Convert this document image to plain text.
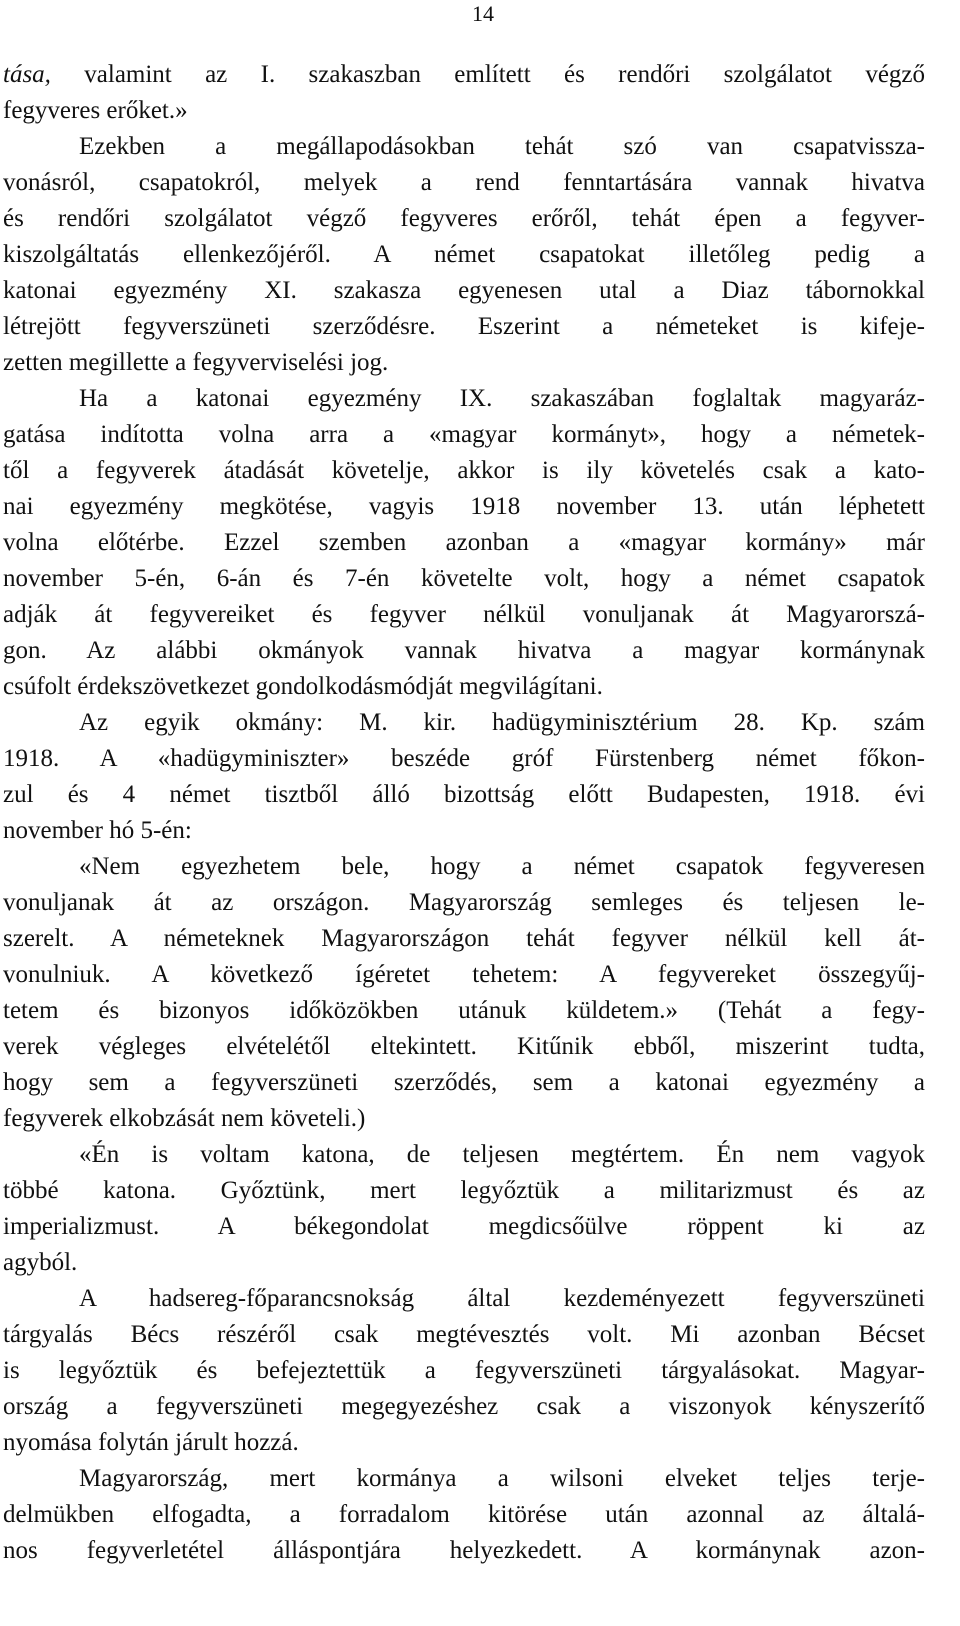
14
tása, valamint az I. szakaszban említett és rendőri szolgálatot végző
fegyveres erőket.»
Ezekben a megállapodásokban tehát szó van csapatvissza-
vonásról, csapatokról, melyek a rend fenntartására vannak hivatva
és rendőri szolgálatot végző fegyveres erőről, tehát épen a fegyver-
kiszolgáltatás ellenkezőjéről. A német csapatokat illetőleg pedig a
katonai egyezmény XI. szakasza egyenesen utal a Diaz tábornokkal
létrejött fegyverszüneti szerződésre. Eszerint a németeket is kifeje-
zetten megillette a fegyverviselési jog.
Ha a katonai egyezmény IX. szakaszában foglaltak magyaráz-
gatása indította volna arra a «magyar kormányt», hogy a németek-
től a fegyverek átadását követelje, akkor is ily követelés csak a kato-
nai egyezmény megkötése, vagyis 1918 november 13. után léphetett
volna előtérbe. Ezzel szemben azonban a «magyar kormány» már
november 5-én, 6-án és 7-én követelte volt, hogy a német csapatok
adják át fegyvereiket és fegyver nélkül vonuljanak át Magyarorszá-
gon. Az alábbi okmányok vannak hivatva a magyar kormánynak
csúfolt érdekszövetkezet gondolkodásmódját megvilágítani.
Az egyik okmány: M. kir. hadügyminisztérium 28. Kp. szám
1918. A «hadügyminiszter» beszéde gróf Fürstenberg német főkon-
zul és 4 német tisztből álló bizottság előtt Budapesten, 1918. évi
november hó 5-én:
«Nem egyezhetem bele, hogy a német csapatok fegyveresen
vonuljanak át az országon. Magyarország semleges és teljesen le-
szerelt. A németeknek Magyarországon tehát fegyver nélkül kell át-
vonulniuk. A következő ígéretet tehetem: A fegyvereket összegyűj-
tetem és bizonyos időközökben utánuk küldetem.» (Tehát a fegy-
verek végleges elvételétől eltekintett. Kitűnik ebből, miszerint tudta,
hogy sem a fegyverszüneti szerződés, sem a katonai egyezmény a
fegyverek elkobzását nem követeli.)
«Én is voltam katona, de teljesen megtértem. Én nem vagyok
többé katona. Győztünk, mert legyőztük a militarizmust és az
imperializmust. A békegondolat megdicsőülve röppent ki az
agyból.
A hadsereg-főparancsnokság által kezdeményezett fegyverszüneti
tárgyalás Bécs részéről csak megtévesztés volt. Mi azonban Bécset
is legyőztük és befejeztettük a fegyverszüneti tárgyalásokat. Magyar-
ország a fegyverszüneti megegyezéshez csak a viszonyok kényszerítő
nyomása folytán járult hozzá.
Magyarország, mert kormánya a wilsoni elveket teljes terje-
delmükben elfogadta, a forradalom kitörése után azonnal az általá-
nos fegyverletétel álláspontjára helyezkedett. A kormánynak azon-
